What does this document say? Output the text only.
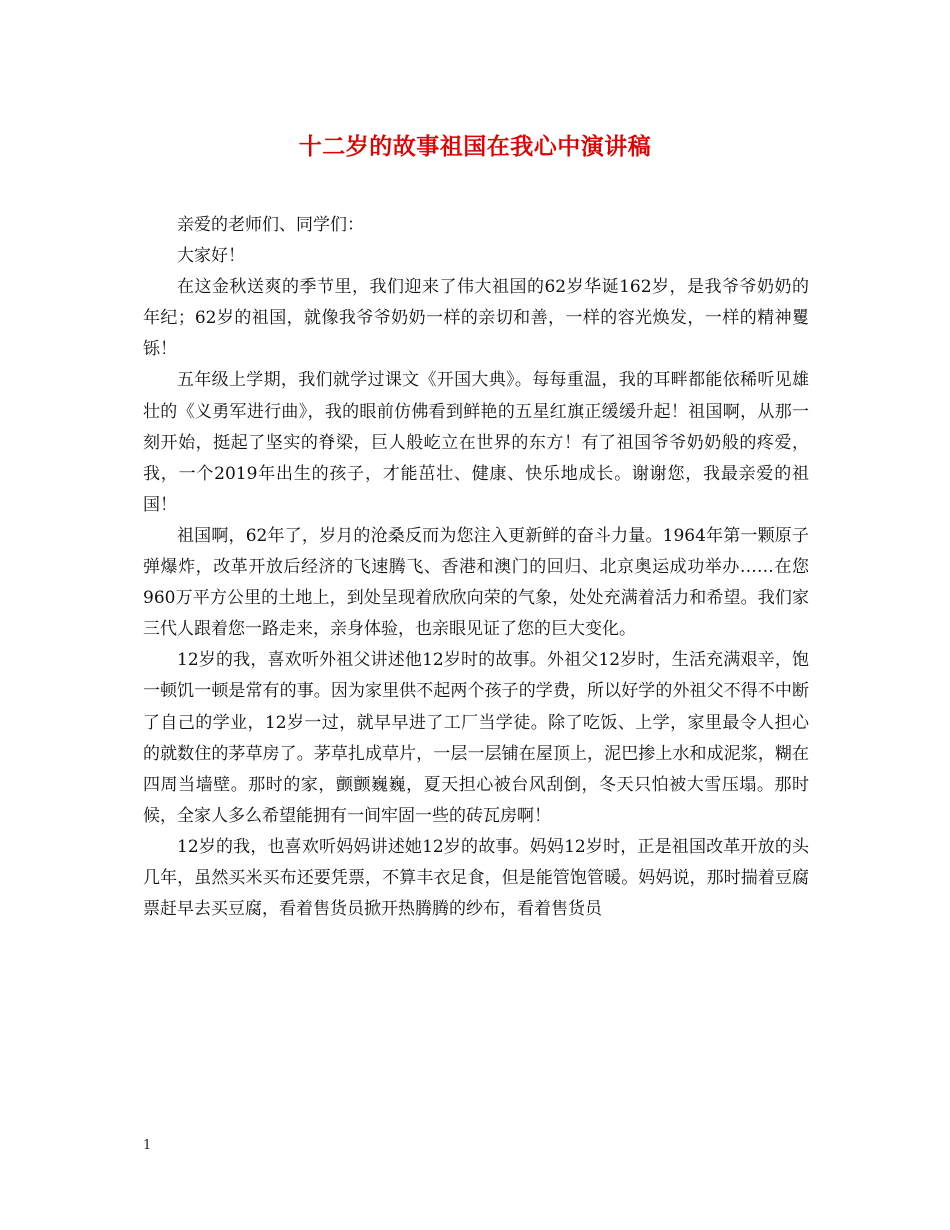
十二岁的故事祖国在我心中演讲稿

亲爱的老师们、同学们：

大家好！

在这金秋送爽的季节里，我们迎来了伟大祖国的62岁华诞162岁，是我爷爷奶奶的年纪；62岁的祖国，就像我爷爷奶奶一样的亲切和善，一样的容光焕发，一样的精神矍铄！

五年级上学期，我们就学过课文《开国大典》。每每重温，我的耳畔都能依稀听见雄壮的《义勇军进行曲》，我的眼前仿佛看到鲜艳的五星红旗正缓缓升起！祖国啊，从那一刻开始，挺起了坚实的脊梁，巨人般屹立在世界的东方！有了祖国爷爷奶奶般的疼爱，我，一个2019年出生的孩子，才能茁壮、健康、快乐地成长。谢谢您，我最亲爱的祖国！

祖国啊，62年了，岁月的沧桑反而为您注入更新鲜的奋斗力量。1964年第一颗原子弹爆炸，改革开放后经济的飞速腾飞、香港和澳门的回归、北京奥运成功举办……在您960万平方公里的土地上，到处呈现着欣欣向荣的气象，处处充满着活力和希望。我们家三代人跟着您一路走来，亲身体验，也亲眼见证了您的巨大变化。

12岁的我，喜欢听外祖父讲述他12岁时的故事。外祖父12岁时，生活充满艰辛，饱一顿饥一顿是常有的事。因为家里供不起两个孩子的学费，所以好学的外祖父不得不中断了自己的学业，12岁一过，就早早进了工厂当学徒。除了吃饭、上学，家里最令人担心的就数住的茅草房了。茅草扎成草片，一层一层铺在屋顶上，泥巴掺上水和成泥浆，糊在四周当墙壁。那时的家，颤颤巍巍，夏天担心被台风刮倒，冬天只怕被大雪压塌。那时候，全家人多么希望能拥有一间牢固一些的砖瓦房啊！

12岁的我，也喜欢听妈妈讲述她12岁的故事。妈妈12岁时，正是祖国改革开放的头几年，虽然买米买布还要凭票，不算丰衣足食，但是能管饱管暖。妈妈说，那时揣着豆腐票赶早去买豆腐，看着售货员掀开热腾腾的纱布，看着售货员

1
